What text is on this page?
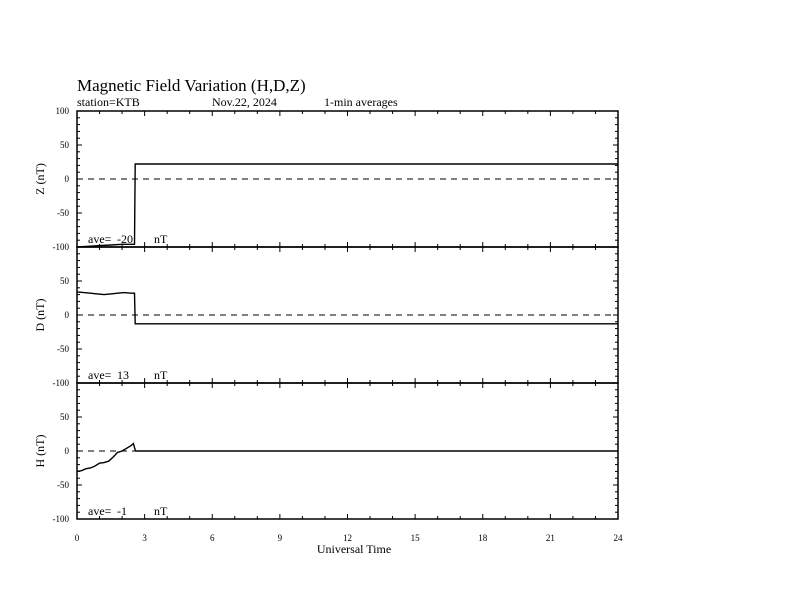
Magnetic Field Variation (H,D,Z)
station=KTB	Nov.22, 2024	1-min averages
Universal Time
100
50
0
-50
-100
Z (nT)
ave= -20 nT
50
0
-50
-100
D (nT)
ave= 13 nT
50
0
-50
-100
H (nT)
ave= -1 nT
0	3	6	9	12	15	18	21	24
